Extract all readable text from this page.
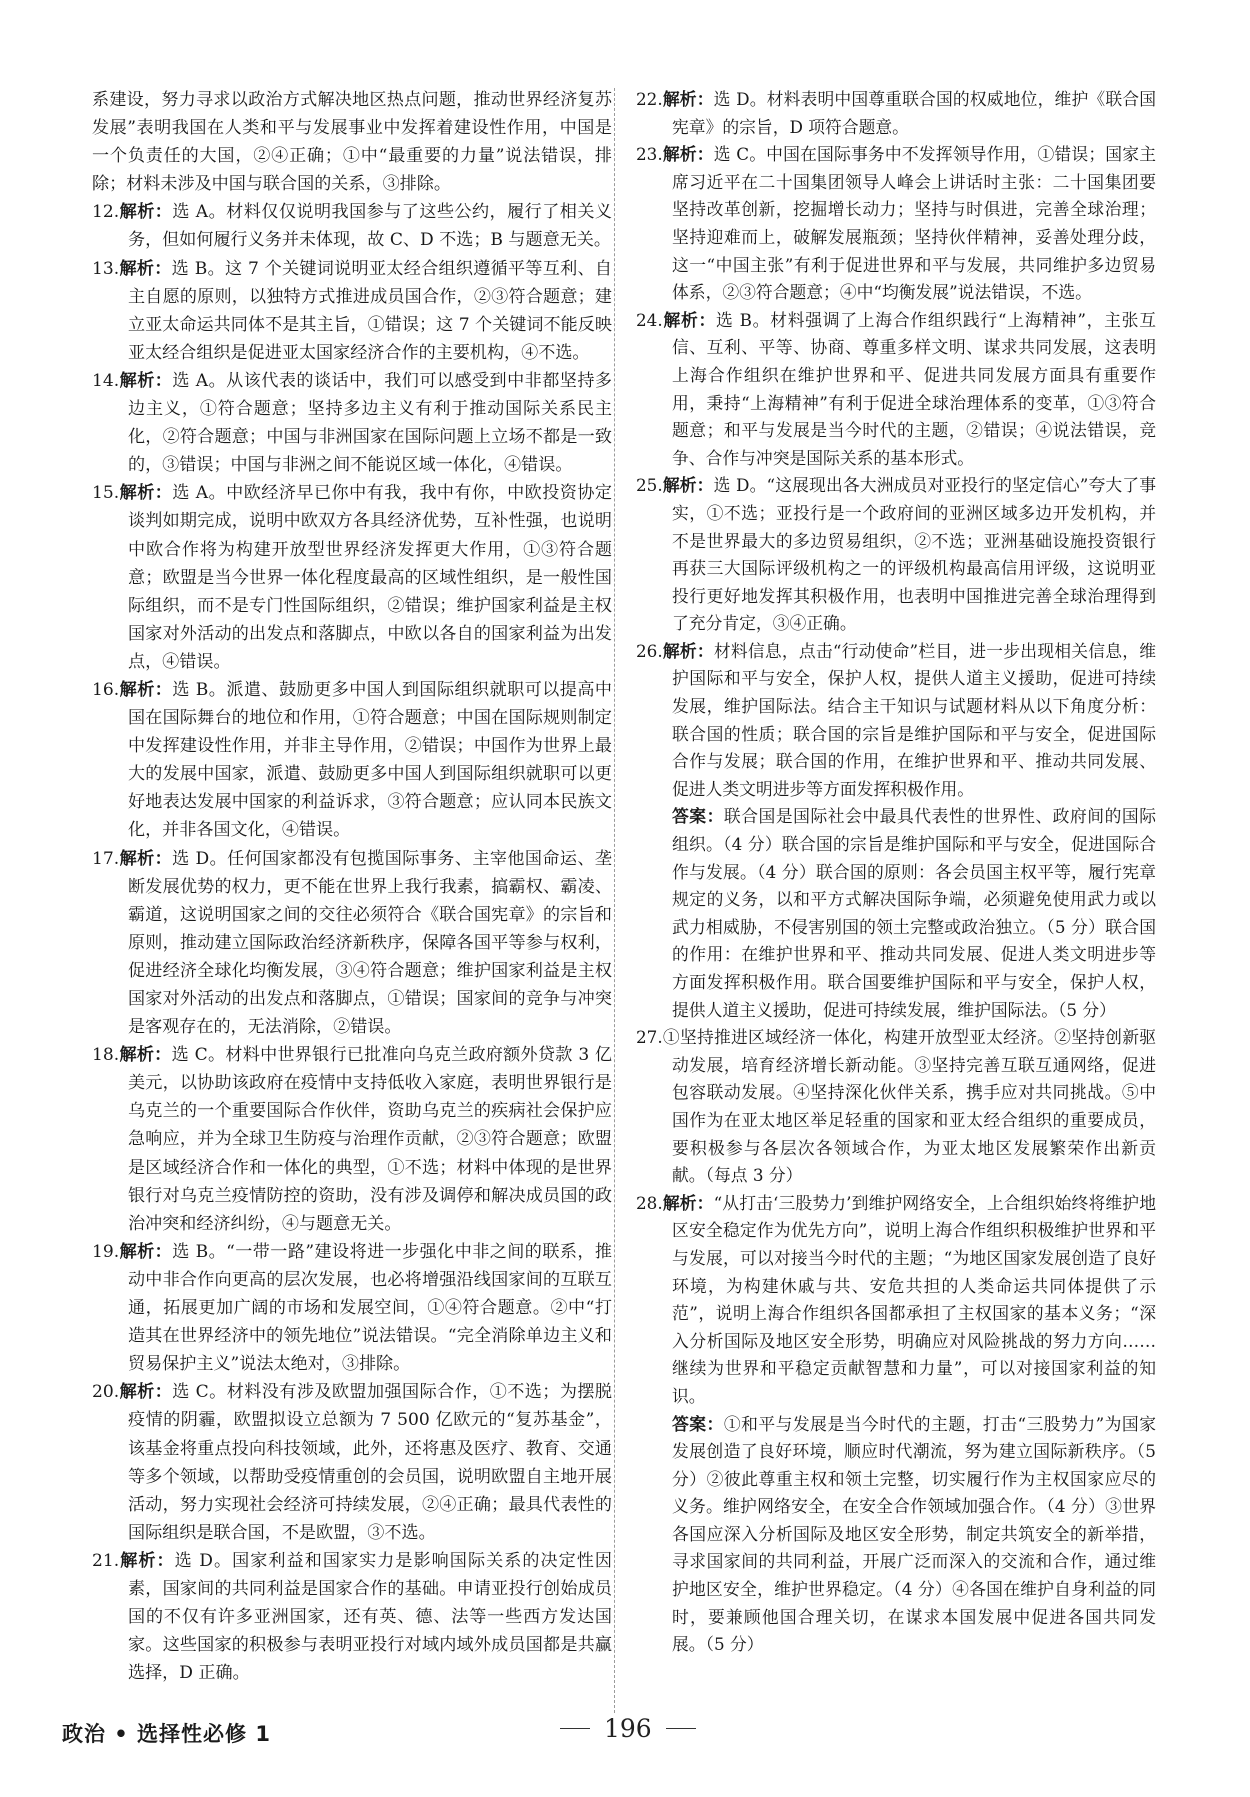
系建设，努力寻求以政治方式解决地区热点问题，推动世界经济复苏发展”表明我国在人类和平与发展事业中发挥着建设性作用，中国是一个负责任的大国，②④正确；①中“最重要的力量”说法错误，排除；材料未涉及中国与联合国的关系，③排除。

12.解析：选 A。材料仅仅说明我国参与了这些公约，履行了相关义务，但如何履行义务并未体现，故 C、D 不选；B 与题意无关。

13.解析：选 B。这 7 个关键词说明亚太经合组织遵循平等互利、自主自愿的原则，以独特方式推进成员国合作，②③符合题意；建立亚太命运共同体不是其主旨，①错误；这 7 个关键词不能反映亚太经合组织是促进亚太国家经济合作的主要机构，④不选。

14.解析：选 A。从该代表的谈话中，我们可以感受到中非都坚持多边主义，①符合题意；坚持多边主义有利于推动国际关系民主化，②符合题意；中国与非洲国家在国际问题上立场不都是一致的，③错误；中国与非洲之间不能说区域一体化，④错误。

15.解析：选 A。中欧经济早已你中有我，我中有你，中欧投资协定谈判如期完成，说明中欧双方各具经济优势，互补性强，也说明中欧合作将为构建开放型世界经济发挥更大作用，①③符合题意；欧盟是当今世界一体化程度最高的区域性组织，是一般性国际组织，而不是专门性国际组织，②错误；维护国家利益是主权国家对外活动的出发点和落脚点，中欧以各自的国家利益为出发点，④错误。

16.解析：选 B。派遣、鼓励更多中国人到国际组织就职可以提高中国在国际舞台的地位和作用，①符合题意；中国在国际规则制定中发挥建设性作用，并非主导作用，②错误；中国作为世界上最大的发展中国家，派遣、鼓励更多中国人到国际组织就职可以更好地表达发展中国家的利益诉求，③符合题意；应认同本民族文化，并非各国文化，④错误。

17.解析：选 D。任何国家都没有包揽国际事务、主宰他国命运、垄断发展优势的权力，更不能在世界上我行我素，搞霸权、霸凌、霸道，这说明国家之间的交往必须符合《联合国宪章》的宗旨和原则，推动建立国际政治经济新秩序，保障各国平等参与权利，促进经济全球化均衡发展，③④符合题意；维护国家利益是主权国家对外活动的出发点和落脚点，①错误；国家间的竞争与冲突是客观存在的，无法消除，②错误。

18.解析：选 C。材料中世界银行已批准向乌克兰政府额外贷款 3 亿美元，以协助该政府在疫情中支持低收入家庭，表明世界银行是乌克兰的一个重要国际合作伙伴，资助乌克兰的疾病社会保护应急响应，并为全球卫生防疫与治理作贡献，②③符合题意；欧盟是区域经济合作和一体化的典型，①不选；材料中体现的是世界银行对乌克兰疫情防控的资助，没有涉及调停和解决成员国的政治冲突和经济纠纷，④与题意无关。

19.解析：选 B。“一带一路”建设将进一步强化中非之间的联系，推动中非合作向更高的层次发展，也必将增强沿线国家间的互联互通，拓展更加广阔的市场和发展空间，①④符合题意。②中“打造其在世界经济中的领先地位”说法错误。“完全消除单边主义和贸易保护主义”说法太绝对，③排除。

20.解析：选 C。材料没有涉及欧盟加强国际合作，①不选；为摆脱疫情的阴霾，欧盟拟设立总额为 7 500 亿欧元的“复苏基金”，该基金将重点投向科技领域，此外，还将惠及医疗、教育、交通等多个领域，以帮助受疫情重创的会员国，说明欧盟自主地开展活动，努力实现社会经济可持续发展，②④正确；最具代表性的国际组织是联合国，不是欧盟，③不选。

21.解析：选 D。国家利益和国家实力是影响国际关系的决定性因素，国家间的共同利益是国家合作的基础。申请亚投行创始成员国的不仅有许多亚洲国家，还有英、德、法等一些西方发达国家。这些国家的积极参与表明亚投行对域内域外成员国都是共赢选择，D 正确。

22.解析：选 D。材料表明中国尊重联合国的权威地位，维护《联合国宪章》的宗旨，D 项符合题意。

23.解析：选 C。中国在国际事务中不发挥领导作用，①错误；国家主席习近平在二十国集团领导人峰会上讲话时主张：二十国集团要坚持改革创新，挖掘增长动力；坚持与时俱进，完善全球治理；坚持迎难而上，破解发展瓶颈；坚持伙伴精神，妥善处理分歧，这一“中国主张”有利于促进世界和平与发展，共同维护多边贸易体系，②③符合题意；④中“均衡发展”说法错误，不选。

24.解析：选 B。材料强调了上海合作组织践行“上海精神”，主张互信、互利、平等、协商、尊重多样文明、谋求共同发展，这表明上海合作组织在维护世界和平、促进共同发展方面具有重要作用，秉持“上海精神”有利于促进全球治理体系的变革，①③符合题意；和平与发展是当今时代的主题，②错误；④说法错误，竞争、合作与冲突是国际关系的基本形式。

25.解析：选 D。“这展现出各大洲成员对亚投行的坚定信心”夸大了事实，①不选；亚投行是一个政府间的亚洲区域多边开发机构，并不是世界最大的多边贸易组织，②不选；亚洲基础设施投资银行再获三大国际评级机构之一的评级机构最高信用评级，这说明亚投行更好地发挥其积极作用，也表明中国推进完善全球治理得到了充分肯定，③④正确。

26.解析：材料信息，点击“行动使命”栏目，进一步出现相关信息，维护国际和平与安全，保护人权，提供人道主义援助，促进可持续发展，维护国际法。结合主干知识与试题材料从以下角度分析：联合国的性质；联合国的宗旨是维护国际和平与安全，促进国际合作与发展；联合国的作用，在维护世界和平、推动共同发展、促进人类文明进步等方面发挥积极作用。

答案：联合国是国际社会中最具代表性的世界性、政府间的国际组织。（4 分）联合国的宗旨是维护国际和平与安全，促进国际合作与发展。（4 分）联合国的原则：各会员国主权平等，履行宪章规定的义务，以和平方式解决国际争端，必须避免使用武力或以武力相威胁，不侵害别国的领土完整或政治独立。（5 分）联合国的作用：在维护世界和平、推动共同发展、促进人类文明进步等方面发挥积极作用。联合国要维护国际和平与安全，保护人权，提供人道主义援助，促进可持续发展，维护国际法。（5 分）

27.①坚持推进区域经济一体化，构建开放型亚太经济。②坚持创新驱动发展，培育经济增长新动能。③坚持完善互联互通网络，促进包容联动发展。④坚持深化伙伴关系，携手应对共同挑战。⑤中国作为在亚太地区举足轻重的国家和亚太经合组织的重要成员，要积极参与各层次各领域合作，为亚太地区发展繁荣作出新贡献。（每点 3 分）

28.解析：“从打击‘三股势力’到维护网络安全，上合组织始终将维护地区安全稳定作为优先方向”，说明上海合作组织积极维护世界和平与发展，可以对接当今时代的主题；“为地区国家发展创造了良好环境，为构建休戚与共、安危共担的人类命运共同体提供了示范”，说明上海合作组织各国都承担了主权国家的基本义务；“深入分析国际及地区安全形势，明确应对风险挑战的努力方向……继续为世界和平稳定贡献智慧和力量”，可以对接国家利益的知识。

答案：①和平与发展是当今时代的主题，打击“三股势力”为国家发展创造了良好环境，顺应时代潮流，努为建立国际新秩序。（5 分）②彼此尊重主权和领土完整，切实履行作为主权国家应尽的义务。维护网络安全，在安全合作领域加强合作。（4 分）③世界各国应深入分析国际及地区安全形势，制定共筑安全的新举措，寻求国家间的共同利益，开展广泛而深入的交流和合作，通过维护地区安全，维护世界稳定。（4 分）④各国在维护自身利益的同时，要兼顾他国合理关切，在谋求本国发展中促进各国共同发展。（5 分）

政治 • 选择性必修 1	196
